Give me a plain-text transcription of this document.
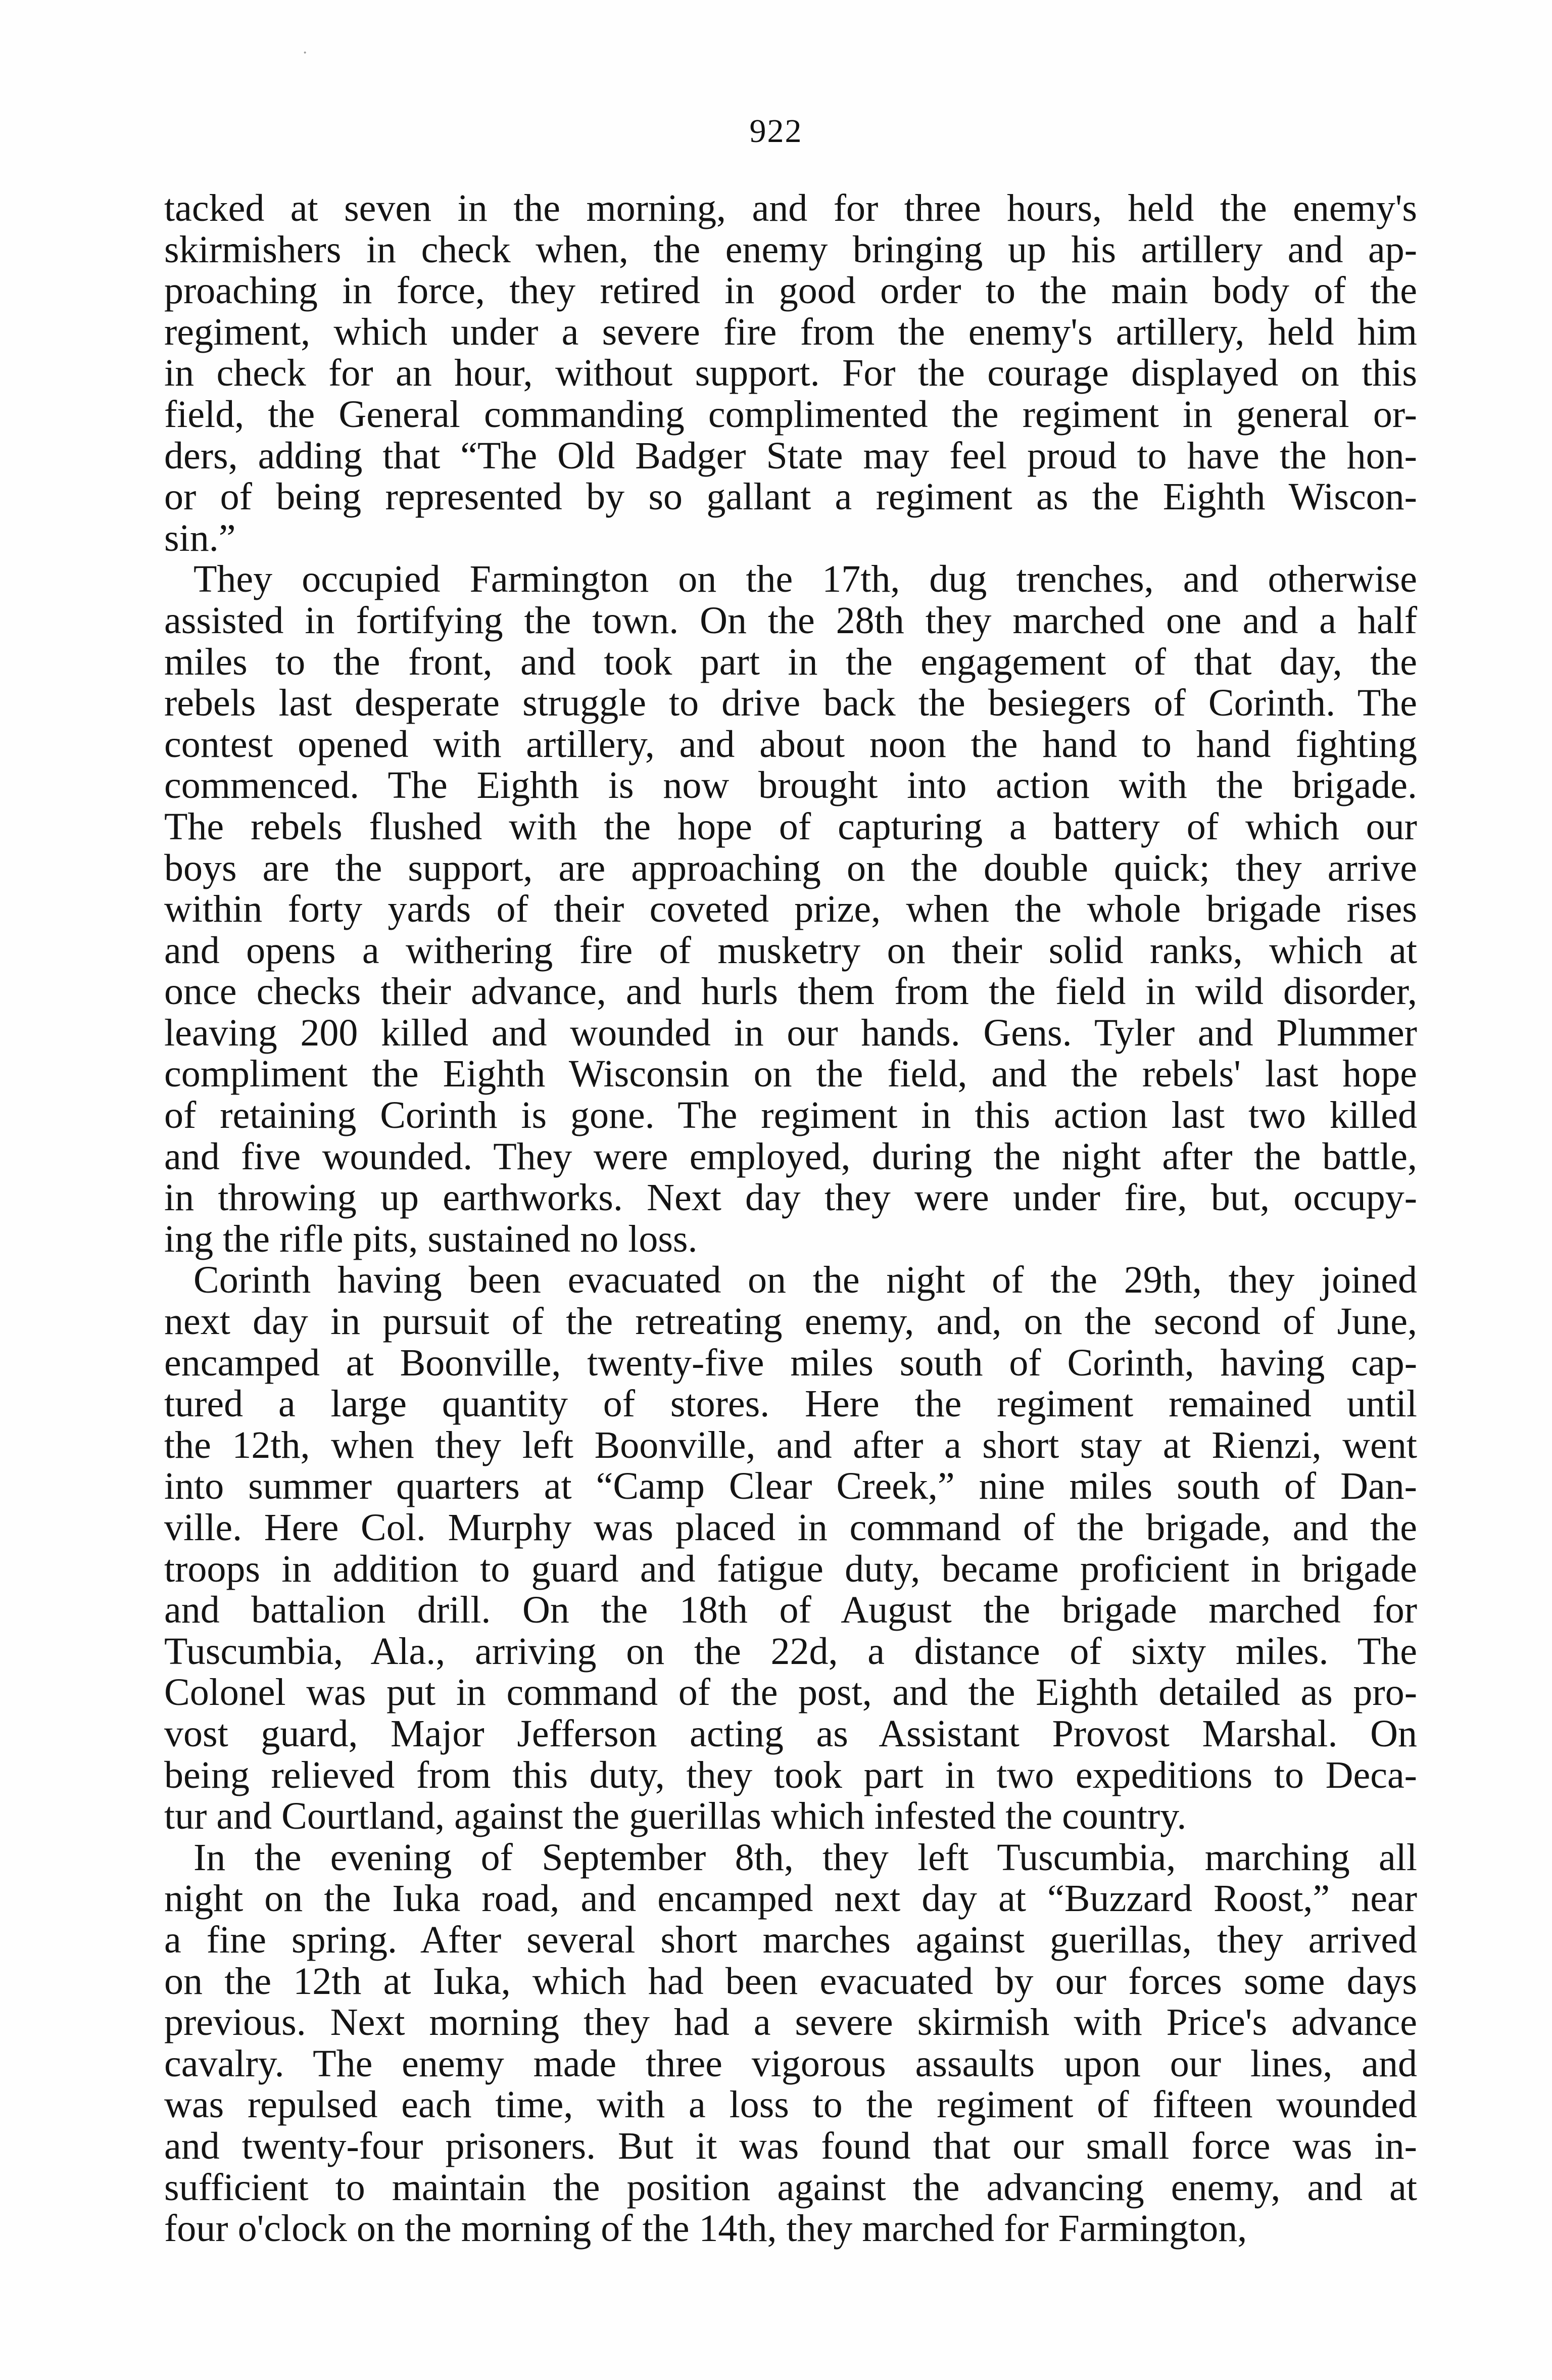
·
922
tacked at seven in the morning, and for three hours, held the enemy's
skirmishers in check when, the enemy bringing up his artillery and ap-
proaching in force, they retired in good order to the main body of the
regiment, which under a severe fire from the enemy's artillery, held him
in check for an hour, without support. For the courage displayed on this
field, the General commanding complimented the regiment in general or-
ders, adding that “The Old Badger State may feel proud to have the hon-
or of being represented by so gallant a regiment as the Eighth Wiscon-
sin.”
They occupied Farmington on the 17th, dug trenches, and otherwise
assisted in fortifying the town. On the 28th they marched one and a half
miles to the front, and took part in the engagement of that day, the
rebels last desperate struggle to drive back the besiegers of Corinth. The
contest opened with artillery, and about noon the hand to hand fighting
commenced. The Eighth is now brought into action with the brigade.
The rebels flushed with the hope of capturing a battery of which our
boys are the support, are approaching on the double quick; they arrive
within forty yards of their coveted prize, when the whole brigade rises
and opens a withering fire of musketry on their solid ranks, which at
once checks their advance, and hurls them from the field in wild disorder,
leaving 200 killed and wounded in our hands. Gens. Tyler and Plummer
compliment the Eighth Wisconsin on the field, and the rebels' last hope
of retaining Corinth is gone. The regiment in this action last two killed
and five wounded. They were employed, during the night after the battle,
in throwing up earthworks. Next day they were under fire, but, occupy-
ing the rifle pits, sustained no loss.
Corinth having been evacuated on the night of the 29th, they joined
next day in pursuit of the retreating enemy, and, on the second of June,
encamped at Boonville, twenty-five miles south of Corinth, having cap-
tured a large quantity of stores. Here the regiment remained until
the 12th, when they left Boonville, and after a short stay at Rienzi, went
into summer quarters at “Camp Clear Creek,” nine miles south of Dan-
ville. Here Col. Murphy was placed in command of the brigade, and the
troops in addition to guard and fatigue duty, became proficient in brigade
and battalion drill. On the 18th of August the brigade marched for
Tuscumbia, Ala., arriving on the 22d, a distance of sixty miles. The
Colonel was put in command of the post, and the Eighth detailed as pro-
vost guard, Major Jefferson acting as Assistant Provost Marshal. On
being relieved from this duty, they took part in two expeditions to Deca-
tur and Courtland, against the guerillas which infested the country.
In the evening of September 8th, they left Tuscumbia, marching all
night on the Iuka road, and encamped next day at “Buzzard Roost,” near
a fine spring. After several short marches against guerillas, they arrived
on the 12th at Iuka, which had been evacuated by our forces some days
previous. Next morning they had a severe skirmish with Price's advance
cavalry. The enemy made three vigorous assaults upon our lines, and
was repulsed each time, with a loss to the regiment of fifteen wounded
and twenty-four prisoners. But it was found that our small force was in-
sufficient to maintain the position against the advancing enemy, and at
four o'clock on the morning of the 14th, they marched for Farmington,
